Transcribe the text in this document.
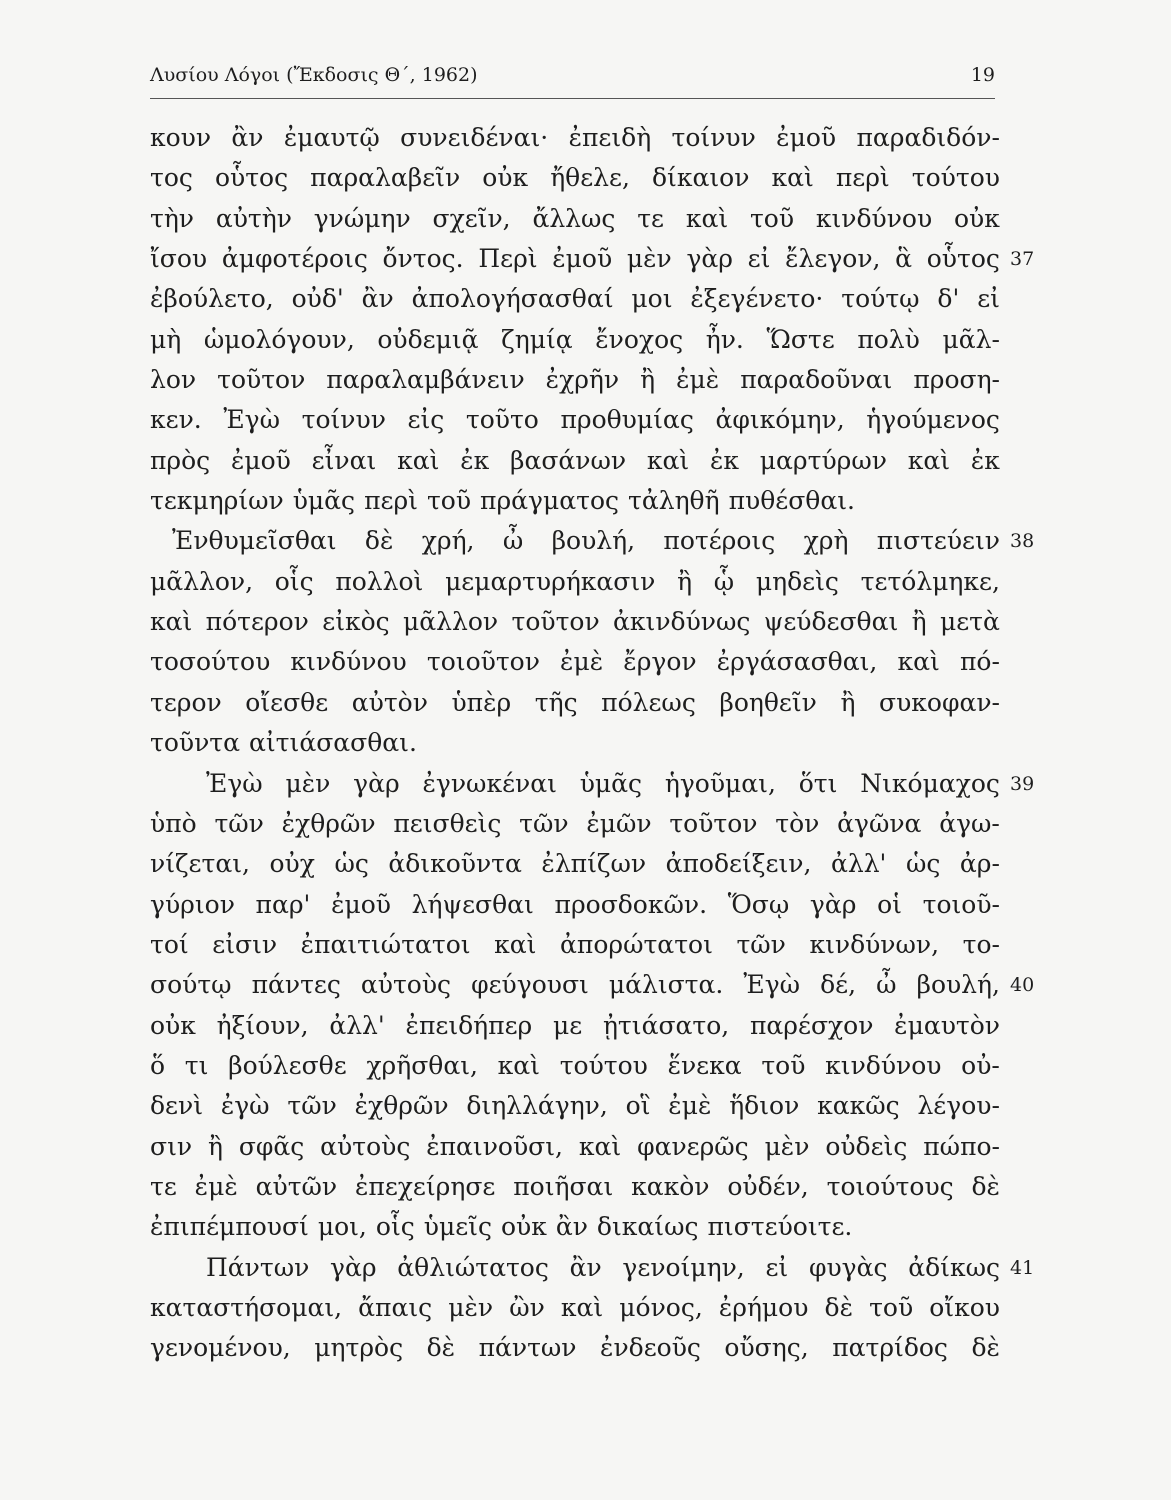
Λυσίου Λόγοι (Ἔκδοσις Θ΄, 1962)	19
κουν ἂν ἐμαυτῷ συνειδέναι· ἐπειδὴ τοίνυν ἐμοῦ παραδιδόν-
τος οὗτος παραλαβεῖν οὐκ ἤθελε, δίκαιον καὶ περὶ τούτου
τὴν αὐτὴν γνώμην σχεῖν, ἄλλως τε καὶ τοῦ κινδύνου οὐκ
ἴσου ἀμφοτέροις ὄντος. Περὶ ἐμοῦ μὲν γὰρ εἰ ἔλεγον, ἃ οὗτος 37
ἐβούλετο, οὐδ' ἂν ἀπολογήσασθαί μοι ἐξεγένετο· τούτῳ δ' εἰ
μὴ ὡμολόγουν, οὐδεμιᾷ ζημίᾳ ἔνοχος ἦν. Ὥστε πολὺ μᾶλ-
λον τοῦτον παραλαμβάνειν ἐχρῆν ἢ ἐμὲ παραδοῦναι προση-
κεν. Ἐγὼ τοίνυν εἰς τοῦτο προθυμίας ἀφικόμην, ἡγούμενος
πρὸς ἐμοῦ εἶναι καὶ ἐκ βασάνων καὶ ἐκ μαρτύρων καὶ ἐκ
τεκμηρίων ὑμᾶς περὶ τοῦ πράγματος τἀληθῆ πυθέσθαι.
Ἐνθυμεῖσθαι δὲ χρή, ὦ βουλή, ποτέροις χρὴ πιστεύειν 38
μᾶλλον, οἷς πολλοὶ μεμαρτυρήκασιν ἢ ᾧ μηδεὶς τετόλμηκε,
καὶ πότερον εἰκὸς μᾶλλον τοῦτον ἀκινδύνως ψεύδεσθαι ἢ μετὰ
τοσούτου κινδύνου τοιοῦτον ἐμὲ ἔργον ἐργάσασθαι, καὶ πό-
τερον οἴεσθε αὐτὸν ὑπὲρ τῆς πόλεως βοηθεῖν ἢ συκοφαν-
τοῦντα αἰτιάσασθαι.
Ἐγὼ μὲν γὰρ ἐγνωκέναι ὑμᾶς ἡγοῦμαι, ὅτι Νικόμαχος 39
ὑπὸ τῶν ἐχθρῶν πεισθεὶς τῶν ἐμῶν τοῦτον τὸν ἀγῶνα ἀγω-
νίζεται, οὐχ ὡς ἀδικοῦντα ἐλπίζων ἀποδείξειν, ἀλλ' ὡς ἀρ-
γύριον παρ' ἐμοῦ λήψεσθαι προσδοκῶν. Ὅσῳ γὰρ οἱ τοιοῦ-
τοί εἰσιν ἐπαιτιώτατοι καὶ ἀπορώτατοι τῶν κινδύνων, το-
σούτῳ πάντες αὐτοὺς φεύγουσι μάλιστα. Ἐγὼ δέ, ὦ βουλή, 40
οὐκ ἠξίουν, ἀλλ' ἐπειδήπερ με ᾐτιάσατο, παρέσχον ἐμαυτὸν
ὅ τι βούλεσθε χρῆσθαι, καὶ τούτου ἕνεκα τοῦ κινδύνου οὐ-
δενὶ ἐγὼ τῶν ἐχθρῶν διηλλάγην, οἳ ἐμὲ ἥδιον κακῶς λέγου-
σιν ἢ σφᾶς αὐτοὺς ἐπαινοῦσι, καὶ φανερῶς μὲν οὐδεὶς πώπο-
τε ἐμὲ αὐτῶν ἐπεχείρησε ποιῆσαι κακὸν οὐδέν, τοιούτους δὲ
ἐπιπέμπουσί μοι, οἷς ὑμεῖς οὐκ ἂν δικαίως πιστεύοιτε.
Πάντων γὰρ ἀθλιώτατος ἂν γενοίμην, εἰ φυγὰς ἀδίκως 41
καταστήσομαι, ἄπαις μὲν ὢν καὶ μόνος, ἐρήμου δὲ τοῦ οἴκου
γενομένου, μητρὸς δὲ πάντων ἐνδεοῦς οὔσης, πατρίδος δὲ
